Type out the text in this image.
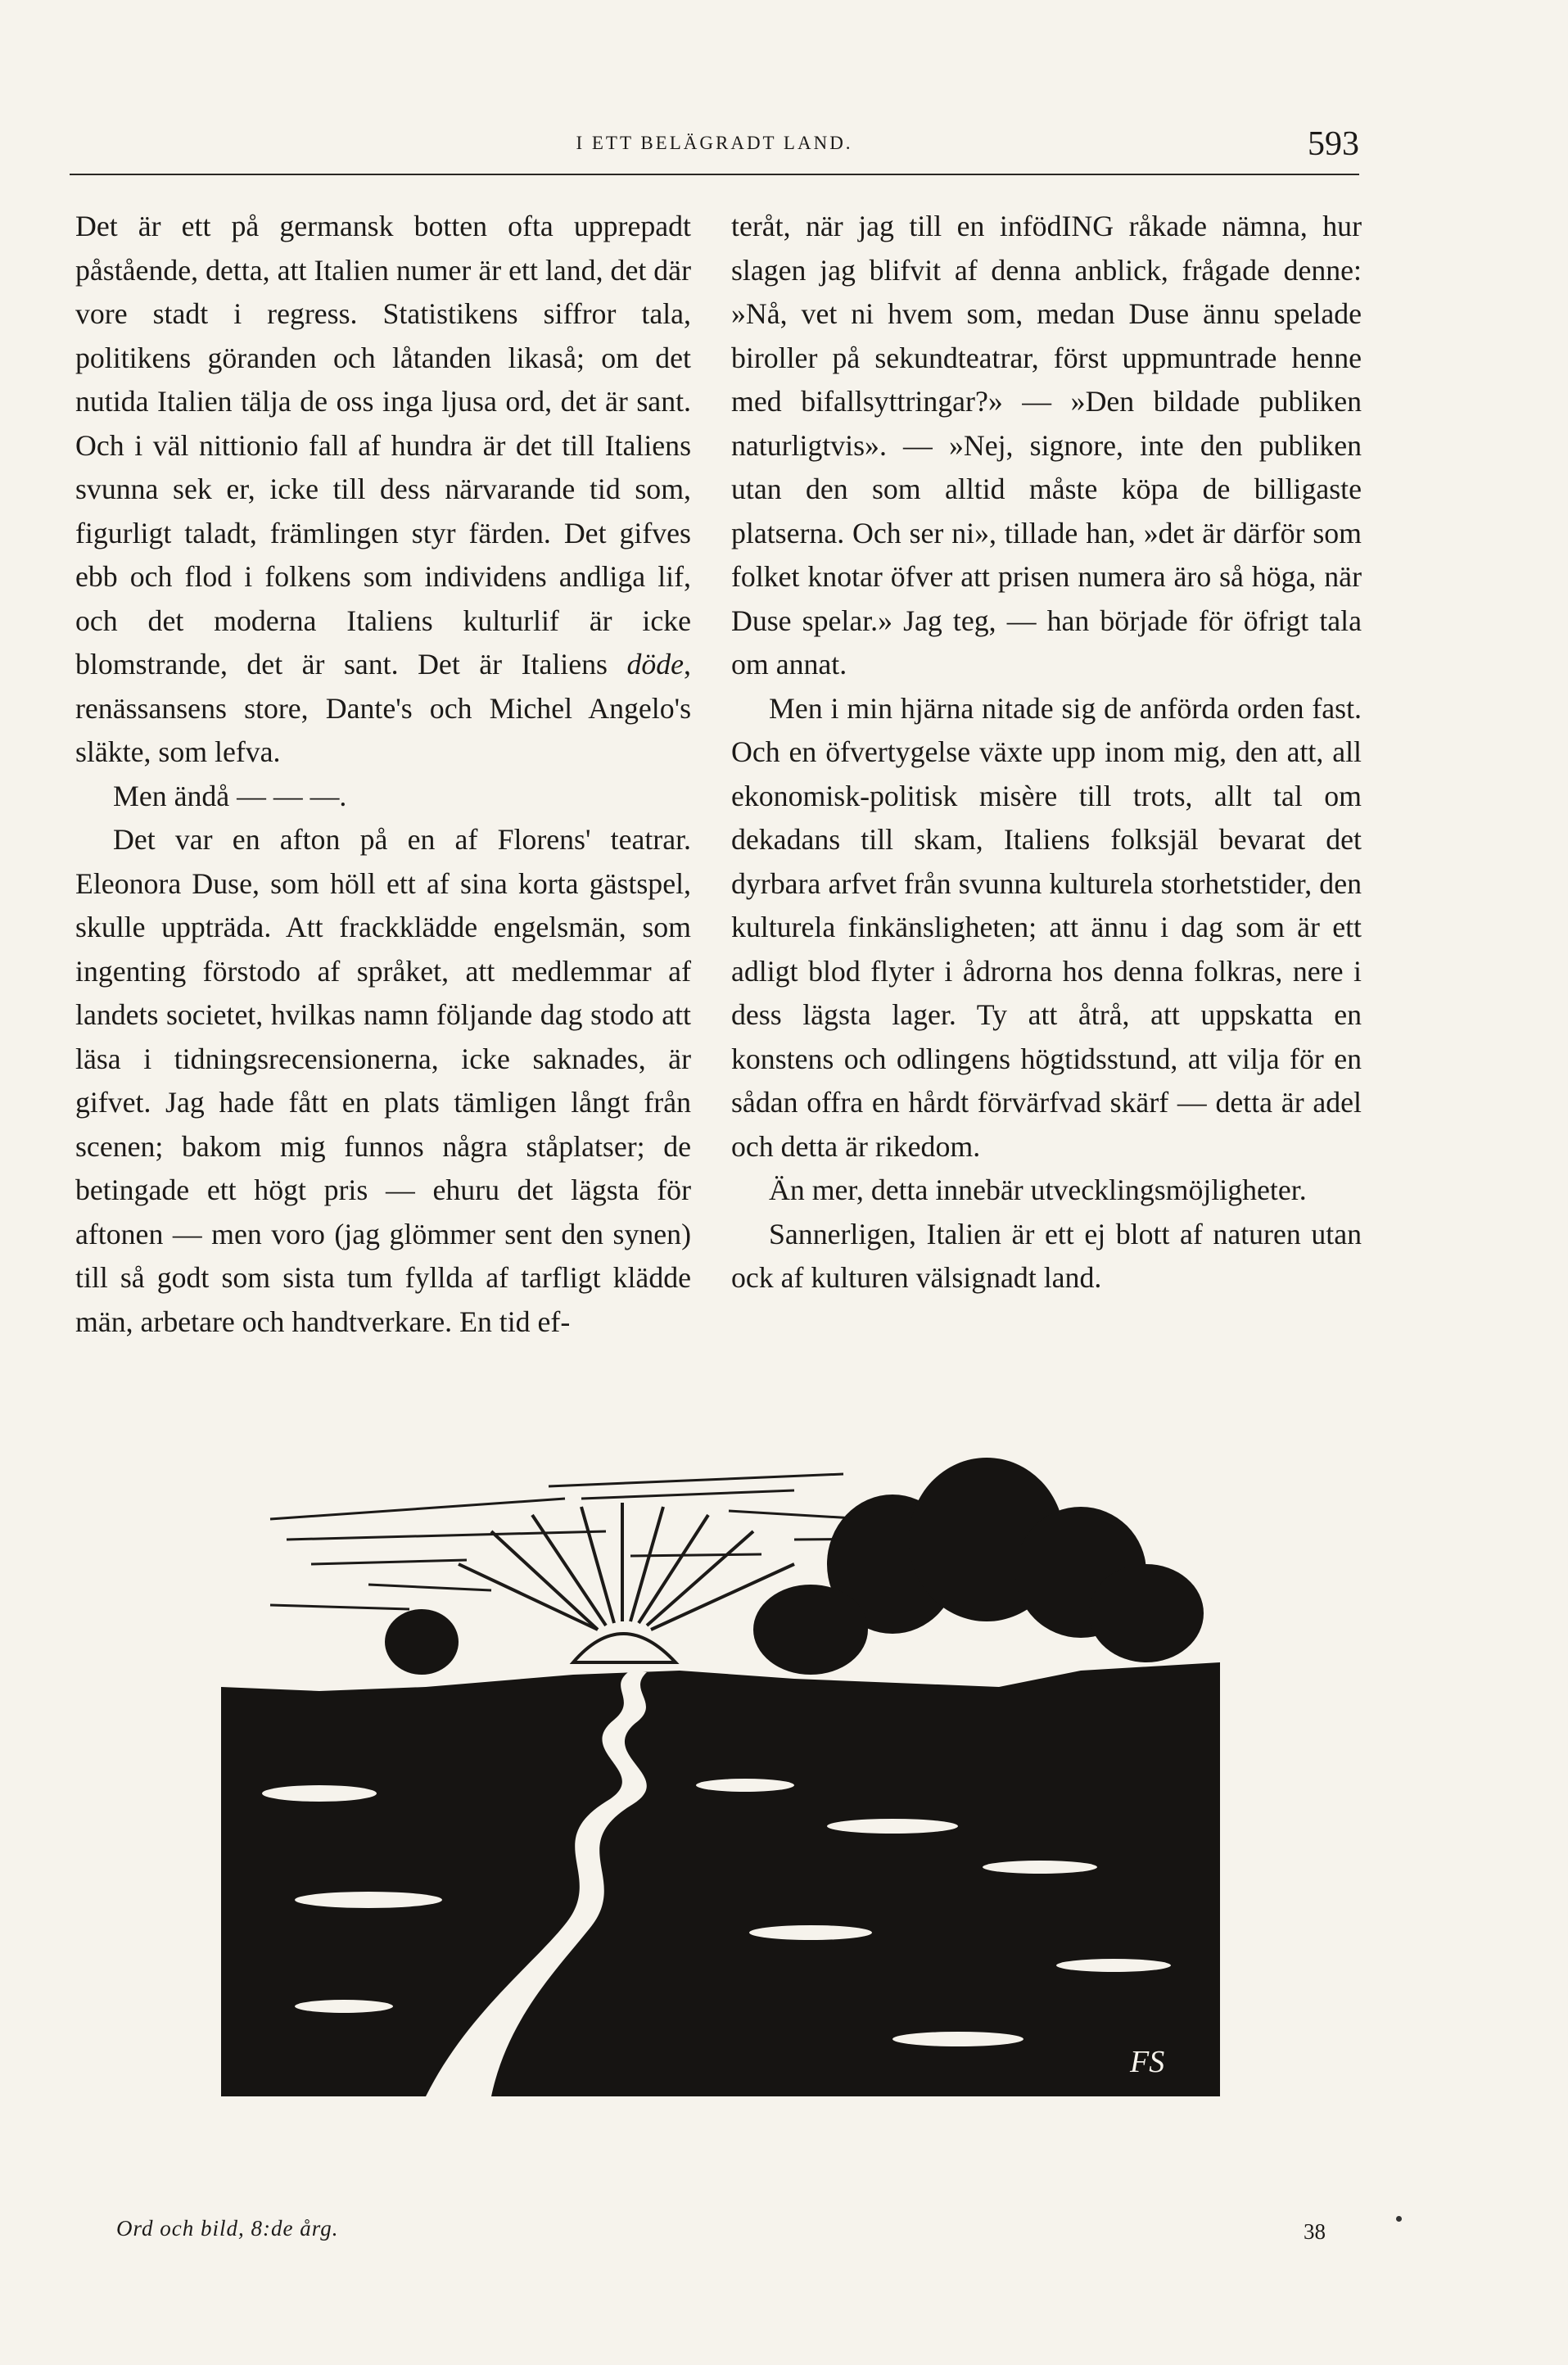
I ETT BELÄGRADT LAND.	593

Det är ett på germansk botten ofta upprepadt påstående, detta, att Italien numer är ett land, det där vore stadt i regress. Statistikens siffror tala, politikens göranden och låtanden likaså; om det nutida Italien tälja de oss inga ljusa ord, det är sant. Och i väl nittionio fall af hundra är det till Italiens svunna sek er, icke till dess närvarande tid som, figurligt taladt, främlingen styr färden. Det gifves ebb och flod i folkens som individens andliga lif, och det moderna Italiens kulturlif är icke blomstrande, det är sant. Det är Italiens döde, renässansens store, Dante's och Michel Angelo's släkte, som lefva.

Men ändå — — —.

Det var en afton på en af Florens' teatrar. Eleonora Duse, som höll ett af sina korta gästspel, skulle uppträda. Att frackklädde engelsmän, som ingenting förstodo af språket, att medlemmar af landets societet, hvilkas namn följande dag stodo att läsa i tidningsrecensionerna, icke saknades, är gifvet. Jag hade fått en plats tämligen långt från scenen; bakom mig funnos några ståplatser; de betingade ett högt pris — ehuru det lägsta för aftonen — men voro (jag glömmer sent den synen) till så godt som sista tum fyllda af tarfligt klädde män, arbetare och handtverkare. En tid ef-

teråt, när jag till en infödING råkade nämna, hur slagen jag blifvit af denna anblick, frågade denne: »Nå, vet ni hvem som, medan Duse ännu spelade biroller på sekundteatrar, först uppmuntrade henne med bifallsyttringar?» — »Den bildade publiken naturligtvis». — »Nej, signore, inte den publiken utan den som alltid måste köpa de billigaste platserna. Och ser ni», tillade han, »det är därför som folket knotar öfver att prisen numera äro så höga, när Duse spelar.» Jag teg, — han började för öfrigt tala om annat.

Men i min hjärna nitade sig de anförda orden fast. Och en öfvertygelse växte upp inom mig, den att, all ekonomisk-politisk misère till trots, allt tal om dekadans till skam, Italiens folksjäl bevarat det dyrbara arfvet från svunna kulturela storhetstider, den kulturela finkänsligheten; att ännu i dag som är ett adligt blod flyter i ådrorna hos denna folkras, nere i dess lägsta lager. Ty att åtrå, att uppskatta en konstens och odlingens högtidsstund, att vilja för en sådan offra en hårdt förvärfvad skärf — detta är adel och detta är rikedom.

Än mer, detta innebär utvecklingsmöjligheter.

Sannerligen, Italien är ett ej blott af naturen utan ock af kulturen välsignadt land.

FS
Ord och bild, 8:de årg.	38
